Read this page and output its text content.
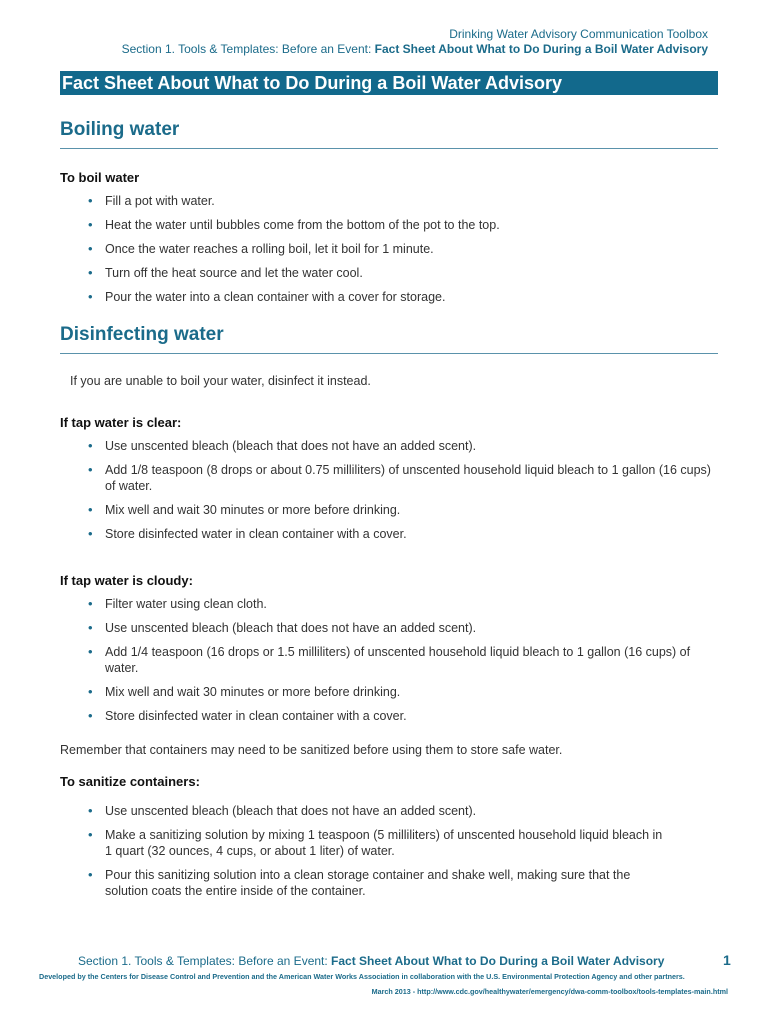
Drinking Water Advisory Communication Toolbox
Section 1. Tools & Templates: Before an Event: Fact Sheet About What to Do During a Boil Water Advisory
Fact Sheet About What to Do During a Boil Water Advisory
Boiling water
To boil water
• Fill a pot with water.
• Heat the water until bubbles come from the bottom of the pot to the top.
• Once the water reaches a rolling boil, let it boil for 1 minute.
• Turn off the heat source and let the water cool.
• Pour the water into a clean container with a cover for storage.
Disinfecting water
If you are unable to boil your water, disinfect it instead.
If tap water is clear:
• Use unscented bleach (bleach that does not have an added scent).
• Add 1/8 teaspoon (8 drops or about 0.75 milliliters) of unscented household liquid bleach to 1 gallon (16 cups) of water.
• Mix well and wait 30 minutes or more before drinking.
• Store disinfected water in clean container with a cover.
If tap water is cloudy:
• Filter water using clean cloth.
• Use unscented bleach (bleach that does not have an added scent).
• Add 1/4 teaspoon (16 drops or 1.5 milliliters) of unscented household liquid bleach to 1 gallon (16 cups) of water.
• Mix well and wait 30 minutes or more before drinking.
• Store disinfected water in clean container with a cover.
Remember that containers may need to be sanitized before using them to store safe water.
To sanitize containers:
• Use unscented bleach (bleach that does not have an added scent).
• Make a sanitizing solution by mixing 1 teaspoon (5 milliliters) of unscented household liquid bleach in 1 quart (32 ounces, 4 cups, or about 1 liter) of water.
• Pour this sanitizing solution into a clean storage container and shake well, making sure that the solution coats the entire inside of the container.
Section 1. Tools & Templates: Before an Event: Fact Sheet About What to Do During a Boil Water Advisory	1
Developed by the Centers for Disease Control and Prevention and the American Water Works Association in collaboration with the U.S. Environmental Protection Agency and other partners.
March 2013 - http://www.cdc.gov/healthywater/emergency/dwa-comm-toolbox/tools-templates-main.html
